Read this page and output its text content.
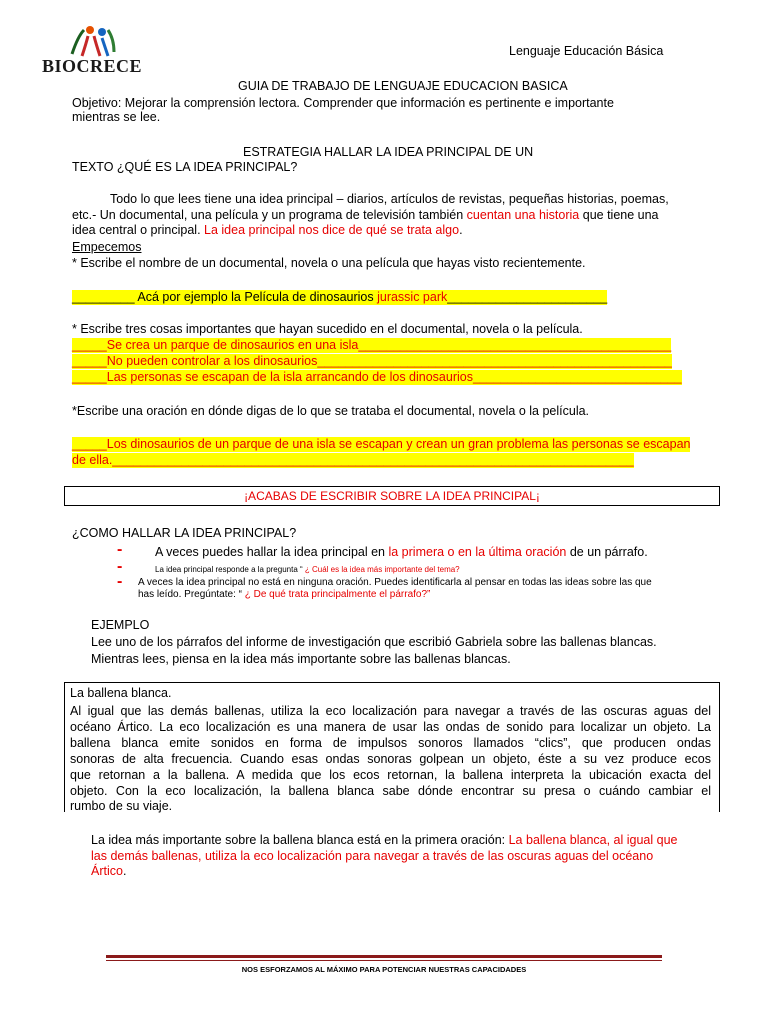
BIOCRECE
Lenguaje Educación Básica
GUIA DE TRABAJO DE LENGUAJE EDUCACION BASICA
Objetivo: Mejorar la comprensión lectora. Comprender que información es pertinente e importante
mientras se lee.
ESTRATEGIA HALLAR LA IDEA PRINCIPAL DE UN
TEXTO ¿QUÉ ES LA IDEA PRINCIPAL?
Todo lo que lees tiene una idea principal – diarios, artículos de revistas, pequeñas historias, poemas,
etc.- Un documental, una película y un programa de televisión también cuentan una historia que tiene una
idea central o principal. La idea principal nos dice de qué se trata algo.
Empecemos
* Escribe el nombre de un documental, novela o una película que hayas visto recientemente.
_________ Acá por ejemplo la Película de dinosaurios jurassic park_______________________
* Escribe tres cosas importantes que hayan sucedido en el documental, novela o la película.
_____Se crea un parque de dinosaurios en una isla_____________________________________________
_____No pueden controlar a los dinosaurios___________________________________________________
_____Las personas se escapan de la isla arrancando de los dinosaurios______________________________
*Escribe una oración en dónde digas de lo que se trataba el documental, novela o la película.
_____Los dinosaurios de un parque de una isla se escapan y crean un gran problema las personas se escapan
de ella.___________________________________________________________________________
¡ACABAS DE ESCRIBIR SOBRE LA IDEA PRINCIPAL¡
¿COMO HALLAR LA IDEA PRINCIPAL?
-	A veces puedes hallar la idea principal en la primera o en la última oración de un párrafo.
-	La idea principal responde a la pregunta “ ¿ Cuál es la idea más importante del tema?
- A veces la idea principal no está en ninguna oración. Puedes identificarla al pensar en todas las ideas sobre las que
has leído. Pregúntate: “ ¿ De qué trata principalmente el párrafo?”
EJEMPLO
Lee uno de los párrafos del informe de investigación que escribió Gabriela sobre las ballenas blancas.
Mientras lees, piensa en la idea más importante sobre las ballenas blancas.
La ballena blanca.
Al igual que las demás ballenas, utiliza la eco localización para navegar a través de las oscuras aguas del
océano Ártico. La eco localización es una manera de usar las ondas de sonido para localizar un objeto. La
ballena blanca emite sonidos en forma de impulsos sonoros llamados “clics”, que producen ondas
sonoras de alta frecuencia. Cuando esas ondas sonoras golpean un objeto, éste a su vez produce ecos
que retornan a la ballena. A medida que los ecos retornan, la ballena interpreta la ubicación exacta del
objeto. Con la eco localización, la ballena blanca sabe dónde encontrar su presa o cuándo cambiar el
rumbo de su viaje.
La idea más importante sobre la ballena blanca está en la primera oración: La ballena blanca, al igual que
las demás ballenas, utiliza la eco localización para navegar a través de las oscuras aguas del océano
Ártico.
NOS ESFORZAMOS AL MÁXIMO PARA POTENCIAR NUESTRAS CAPACIDADES
